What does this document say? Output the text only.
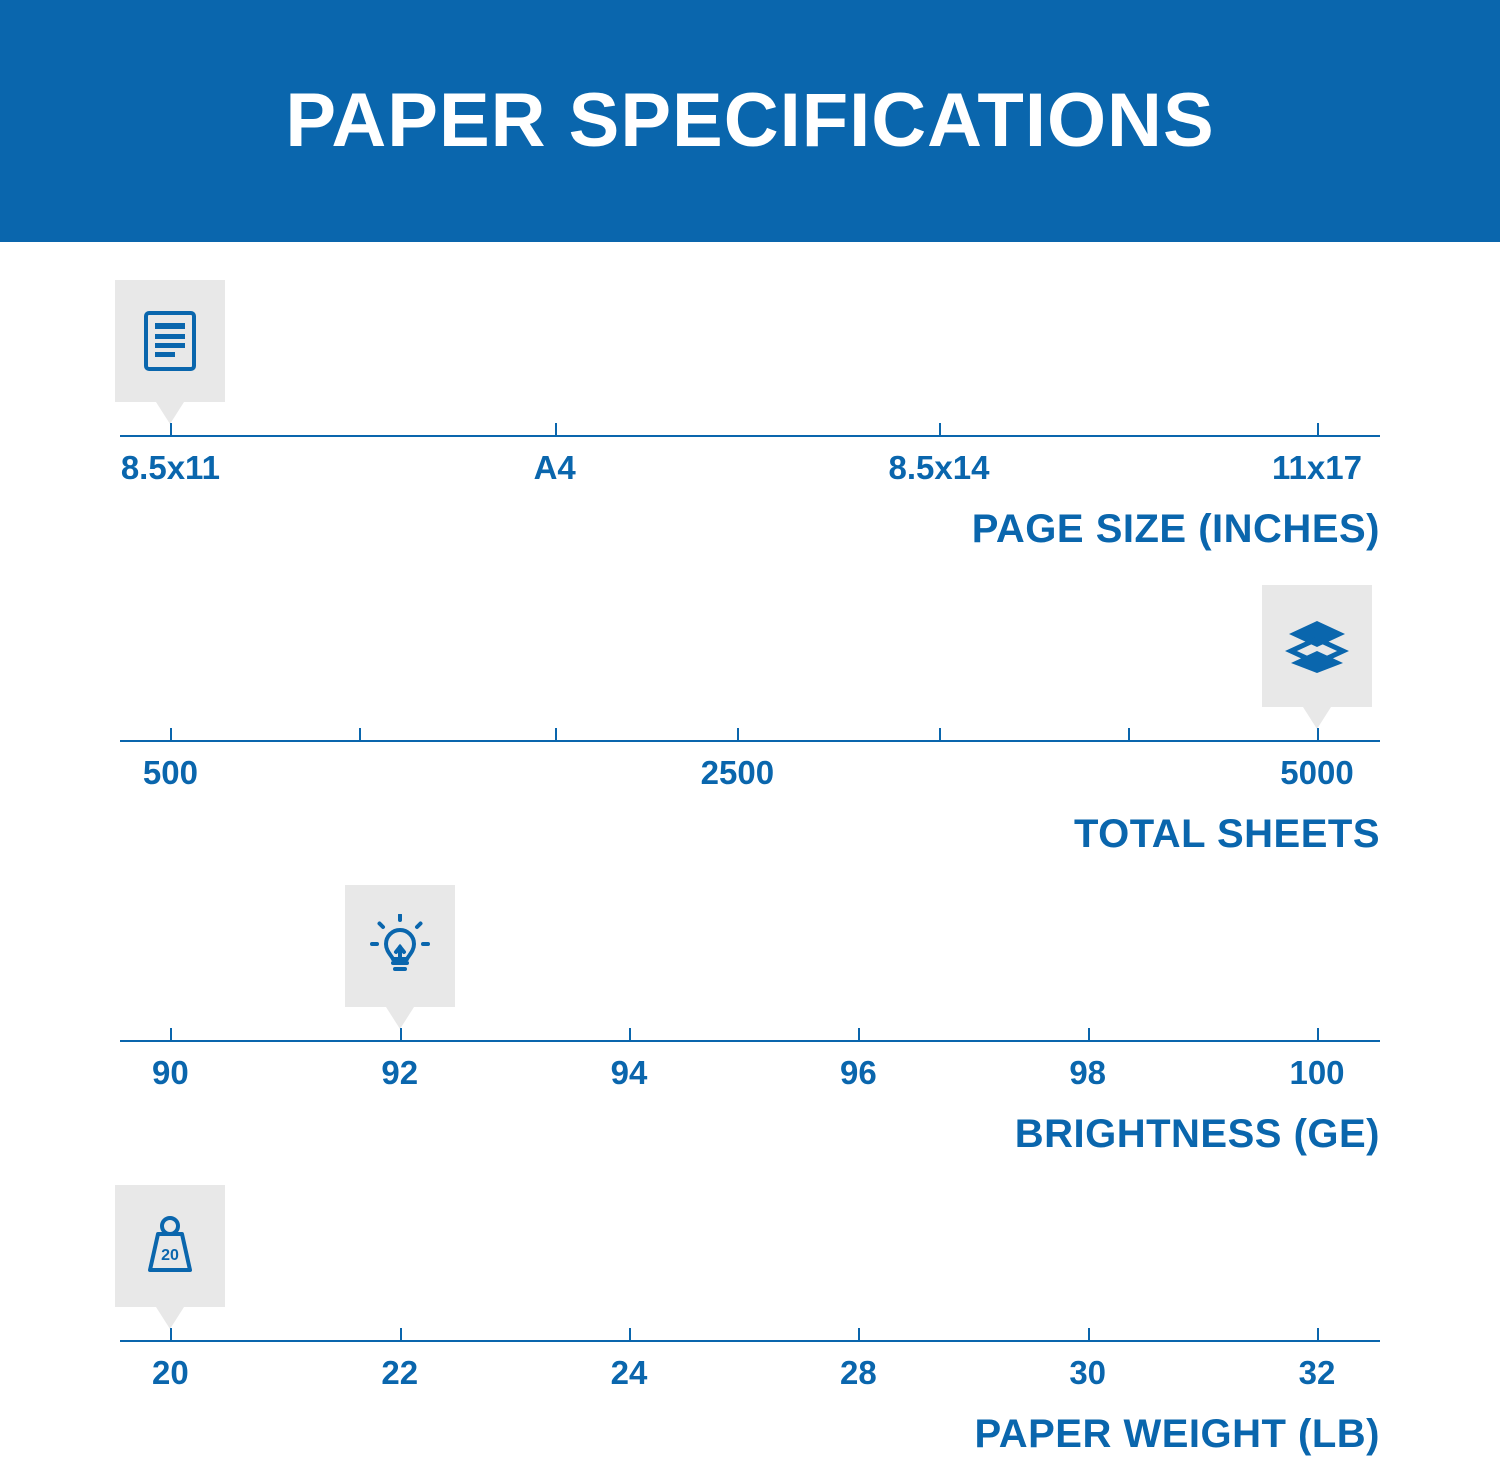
PAPER SPECIFICATIONS
8.5x11	A4	8.5x14	11x17
PAGE SIZE (INCHES)
500	2500	5000
TOTAL SHEETS
90	92	94	96	98	100
BRIGHTNESS (GE)
20
20	22	24	28	30	32
PAPER WEIGHT (LB)
